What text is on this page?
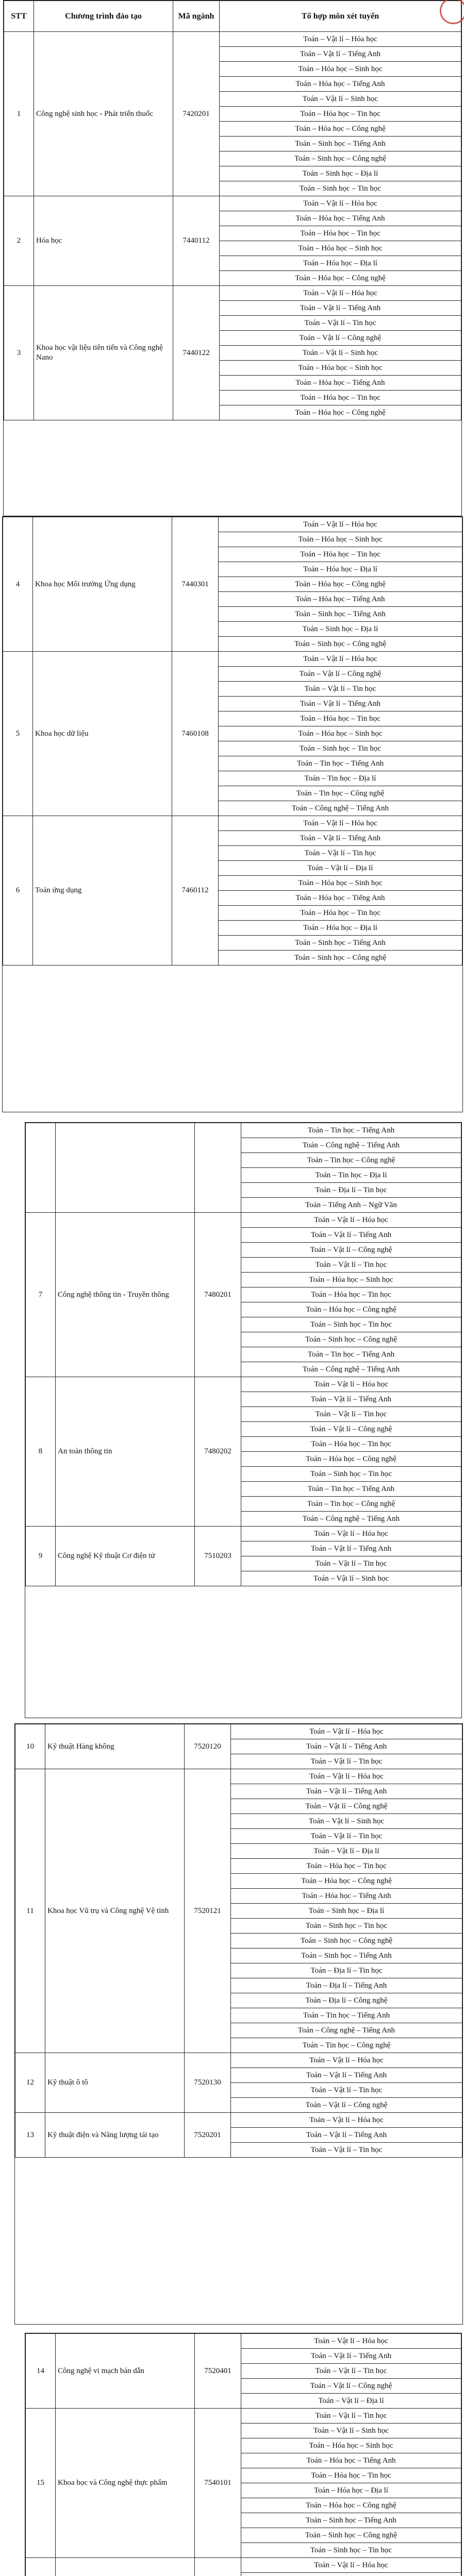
STT	Chương trình đào tạo	Mã ngành	Tổ hợp môn xét tuyển
1	Công nghệ sinh học - Phát triển thuốc	7420201	Toán – Vật lí – Hóa học
			Toán – Vật lí – Tiếng Anh
			Toán – Hóa học – Sinh học
			Toán – Hóa học – Tiếng Anh
			Toán – Vật lí – Sinh học
			Toán – Hóa học – Tin học
			Toán – Hóa học – Công nghệ
			Toán – Sinh học – Tiếng Anh
			Toán – Sinh học – Công nghệ
			Toán – Sinh học – Địa lí
			Toán – Sinh học – Tin học
2	Hóa học	7440112	Toán – Vật lí – Hóa học
			Toán – Hóa học – Tiếng Anh
			Toán – Hóa học – Tin học
			Toán – Hóa học – Sinh học
			Toán – Hóa học – Địa lí
			Toán – Hóa học – Công nghệ
3	Khoa học vật liệu tiên tiến và Công nghệ Nano	7440122	Toán – Vật lí – Hóa học
			Toán – Vật lí – Tiếng Anh
			Toán – Vật lí – Tin học
			Toán – Vật lí – Công nghệ
			Toán – Vật lí – Sinh học
			Toán – Hóa học – Sinh học
			Toán – Hóa học – Tiếng Anh
			Toán – Hóa học – Tin học
			Toán – Hóa học – Công nghệ
4	Khoa học Môi trường Ứng dụng	7440301	Toán – Vật lí – Hóa học
			Toán – Hóa học – Sinh học
			Toán – Hóa học – Tin học
			Toán – Hóa học – Địa lí
			Toán – Hóa học – Công nghệ
			Toán – Hóa học – Tiếng Anh
			Toán – Sinh học – Tiếng Anh
			Toán – Sinh học – Địa lí
			Toán – Sinh học – Công nghệ
5	Khoa học dữ liệu	7460108	Toán – Vật lí – Hóa học
			Toán – Vật lí – Công nghệ
			Toán – Vật lí – Tin học
			Toán – Vật lí – Tiếng Anh
			Toán – Hóa học – Tin học
			Toán – Hóa học – Sinh học
			Toán – Sinh học – Tin học
			Toán – Tin học – Tiếng Anh
			Toán – Tin học – Địa lí
			Toán – Tin học – Công nghệ
			Toán – Công nghệ – Tiếng Anh
6	Toán ứng dụng	7460112	Toán – Vật lí – Hóa học
			Toán – Vật lí – Tiếng Anh
			Toán – Vật lí – Tin học
			Toán – Vật lí – Địa lí
			Toán – Hóa học – Sinh học
			Toán – Hóa học – Tiếng Anh
			Toán – Hóa học – Tin học
			Toán – Hóa học – Địa lí
			Toán – Sinh học – Tiếng Anh
			Toán – Sinh học – Công nghệ
			Toán – Tin học – Tiếng Anh
			Toán – Công nghệ – Tiếng Anh
			Toán – Tin học – Công nghệ
			Toán – Tin học – Địa lí
			Toán – Địa lí – Tin học
			Toán – Tiếng Anh – Ngữ Văn
7	Công nghệ thông tin - Truyền thông	7480201	Toán – Vật lí – Hóa học
			Toán – Vật lí – Tiếng Anh
			Toán – Vật lí – Công nghệ
			Toán – Vật lí – Tin học
			Toán – Hóa học – Sinh học
			Toán – Hóa học – Tin học
			Toán – Hóa học – Công nghệ
			Toán – Sinh học – Tin học
			Toán – Sinh học – Công nghệ
			Toán – Tin học – Tiếng Anh
			Toán – Công nghệ – Tiếng Anh
8	An toàn thông tin	7480202	Toán – Vật lí – Hóa học
			Toán – Vật lí – Tiếng Anh
			Toán – Vật lí – Tin học
			Toán – Vật lí – Công nghệ
			Toán – Hóa học – Tin học
			Toán – Hóa học – Công nghệ
			Toán – Sinh học – Tin học
			Toán – Tin học – Tiếng Anh
			Toán – Tin học – Công nghệ
			Toán – Công nghệ – Tiếng Anh
9	Công nghệ Kỹ thuật Cơ điện tử	7510203	Toán – Vật lí – Hóa học
			Toán – Vật lí – Tiếng Anh
			Toán – Vật lí – Tin học
			Toán – Vật lí – Sinh học
10	Kỹ thuật Hàng không	7520120	Toán – Vật lí – Hóa học
			Toán – Vật lí – Tiếng Anh
			Toán – Vật lí – Tin học
11	Khoa học Vũ trụ và Công nghệ Vệ tinh	7520121	Toán – Vật lí – Hóa học
			Toán – Vật lí – Tiếng Anh
			Toán – Vật lí – Công nghệ
			Toán – Vật lí – Sinh học
			Toán – Vật lí – Tin học
			Toán – Vật lí – Địa lí
			Toán – Hóa học – Tin học
			Toán – Hóa học – Công nghệ
			Toán – Hóa học – Tiếng Anh
			Toán – Sinh học – Địa lí
			Toán – Sinh học – Tin học
			Toán – Sinh học – Công nghệ
			Toán – Sinh học – Tiếng Anh
			Toán – Địa lí – Tin học
			Toán – Địa lí – Tiếng Anh
			Toán – Địa lí – Công nghệ
			Toán – Tin học – Tiếng Anh
			Toán – Công nghệ – Tiếng Anh
			Toán – Tin học – Công nghệ
12	Kỹ thuật ô tô	7520130	Toán – Vật lí – Hóa học
			Toán – Vật lí – Tiếng Anh
			Toán – Vật lí – Tin học
			Toán – Vật lí – Công nghệ
13	Kỹ thuật điện và Năng lượng tái tạo	7520201	Toán – Vật lí – Hóa học
			Toán – Vật lí – Tiếng Anh
			Toán – Vật lí – Tin học
14	Công nghệ vi mạch bán dẫn	7520401	Toán – Vật lí – Hóa học
			Toán – Vật lí – Tiếng Anh
			Toán – Vật lí – Tin học
			Toán – Vật lí – Công nghệ
			Toán – Vật lí – Địa lí
15	Khoa học và Công nghệ thực phẩm	7540101	Toán – Vật lí – Tin học
			Toán – Vật lí – Sinh học
			Toán – Hóa học – Sinh học
			Toán – Hóa học – Tiếng Anh
			Toán – Hóa học – Tin học
			Toán – Hóa học – Địa lí
			Toán – Hóa học – Công nghệ
			Toán – Sinh học – Tiếng Anh
			Toán – Sinh học – Công nghệ
			Toán – Sinh học – Tin học
			Toán – Vật lí – Hóa học
